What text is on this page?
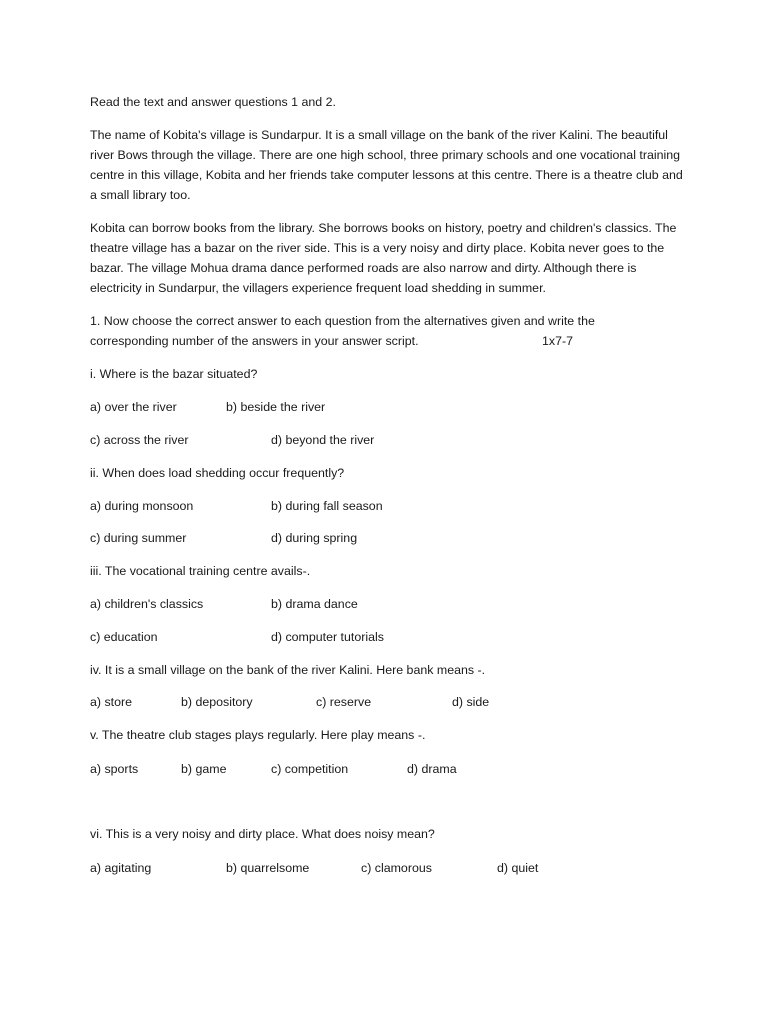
Read the text and answer questions 1 and 2.

The name of Kobita's village is Sundarpur. It is a small village on the bank of the river Kalini. The beautiful river Bows through the village. There are one high school, three primary schools and one vocational training centre in this village, Kobita and her friends take computer lessons at this centre. There is a theatre club and a small library too.

Kobita can borrow books from the library. She borrows books on history, poetry and children's classics. The theatre village has a bazar on the river side. This is a very noisy and dirty place. Kobita never goes to the bazar. The village Mohua drama dance performed roads are also narrow and dirty. Although there is electricity in Sundarpur, the villagers experience frequent load shedding in summer.

1. Now choose the correct answer to each question from the alternatives given and write the

corresponding number of the answers in your answer script.	1x7-7

i. Where is the bazar situated?

a) over the river	b) beside the river
c) across the river	d) beyond the river

ii. When does load shedding occur frequently?

a) during monsoon	b) during fall season
c) during summer	d) during spring

iii. The vocational training centre avails-.

a) children's classics	b) drama dance
c) education	d) computer tutorials

iv. It is a small village on the bank of the river Kalini. Here bank means -.

a) store	b) depository	c) reserve	d) side

v. The theatre club stages plays regularly. Here play means -.

a) sports	b) game	c) competition	d) drama

vi. This is a very noisy and dirty place. What does noisy mean?

a) agitating	b) quarrelsome	c) clamorous	d) quiet
